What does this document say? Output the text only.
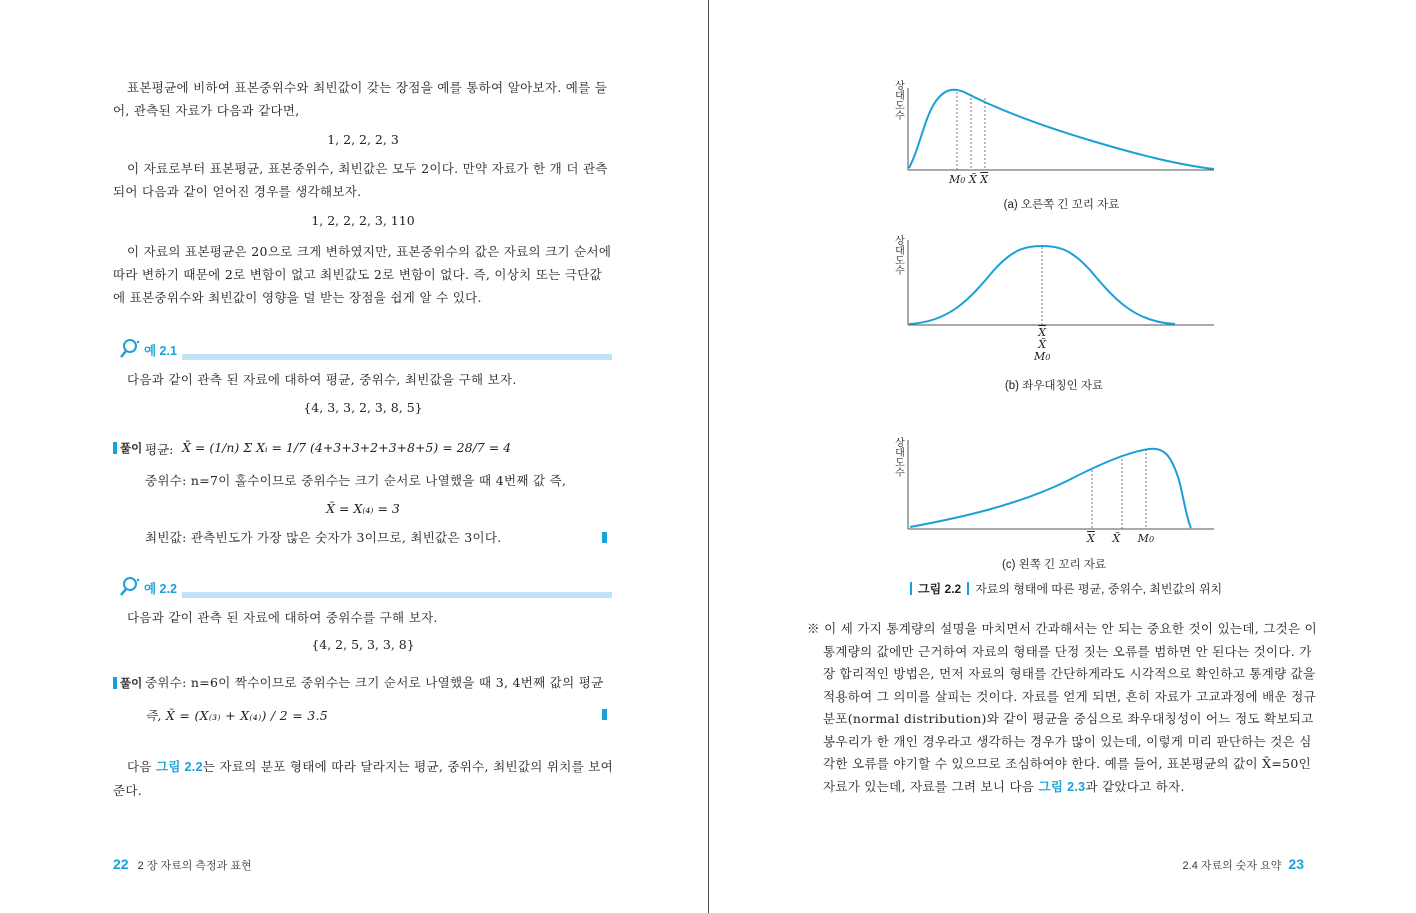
표본평균에 비하여 표본중위수와 최빈값이 갖는 장점을 예를 통하여 알아보자. 예를 들어, 관측된 자료가 다음과 같다면,
1, 2, 2, 2, 3
이 자료로부터 표본평균, 표본중위수, 최빈값은 모두 2이다. 만약 자료가 한 개 더 관측되어 다음과 같이 얻어진 경우를 생각해보자.
1, 2, 2, 2, 3, 110
이 자료의 표본평균은 20으로 크게 변하였지만, 표본중위수의 값은 자료의 크기 순서에 따라 변하기 때문에 2로 변함이 없고 최빈값도 2로 변함이 없다. 즉, 이상치 또는 극단값에 표본중위수와 최빈값이 영향을 덜 받는 장점을 쉽게 알 수 있다.
예 2.1
다음과 같이 관측 된 자료에 대하여 평균, 중위수, 최빈값을 구해 보자.
{4, 3, 3, 2, 3, 8, 5}
풀이 평균: X̄ = (1/n) Σ Xᵢ = 1/7 (4+3+3+2+3+8+5) = 28/7 = 4
중위수: n=7이 홀수이므로 중위수는 크기 순서로 나열했을 때 4번째 값 즉,
X̃ = X₍₄₎ = 3
최빈값: 관측빈도가 가장 많은 숫자가 3이므로, 최빈값은 3이다.
예 2.2
다음과 같이 관측 된 자료에 대하여 중위수를 구해 보자.
{4, 2, 5, 3, 3, 8}
풀이 중위수: n=6이 짝수이므로 중위수는 크기 순서로 나열했을 때 3, 4번째 값의 평균
즉, X̃ = (X₍₃₎ + X₍₄₎) / 2 = 3.5
다음 그림 2.2는 자료의 분포 형태에 따라 달라지는 평균, 중위수, 최빈값의 위치를 보여준다.
22 2 장 자료의 측정과 표현
상대도수
M0 X̃ $\overline{X}$
(a) 오른쪽 긴 꼬리 자료
상대도수
$\overline{X}$
X̃
M0
(b) 좌우대칭인 자료
상대도수
$\overline{X}$ X̃ M0
(c) 왼쪽 긴 꼬리 자료
그림 2.2 자료의 형태에 따른 평균, 중위수, 최빈값의 위치
※ 이 세 가지 통계량의 설명을 마치면서 간과해서는 안 되는 중요한 것이 있는데, 그것은 이 통계량의 값에만 근거하여 자료의 형태를 단정 짓는 오류를 범하면 안 된다는 것이다. 가장 합리적인 방법은, 먼저 자료의 형태를 간단하게라도 시각적으로 확인하고 통계량 값을 적용하여 그 의미를 살피는 것이다. 자료를 얻게 되면, 흔히 자료가 고교과정에 배운 정규분포(normal distribution)와 같이 평균을 중심으로 좌우대칭성이 어느 정도 확보되고 봉우리가 한 개인 경우라고 생각하는 경우가 많이 있는데, 이렇게 미리 판단하는 것은 심각한 오류를 야기할 수 있으므로 조심하여야 한다. 예를 들어, 표본평균의 값이 X̄=50인 자료가 있는데, 자료를 그려 보니 다음 그림 2.3과 같았다고 하자.
2.4 자료의 숫자 요약 23
